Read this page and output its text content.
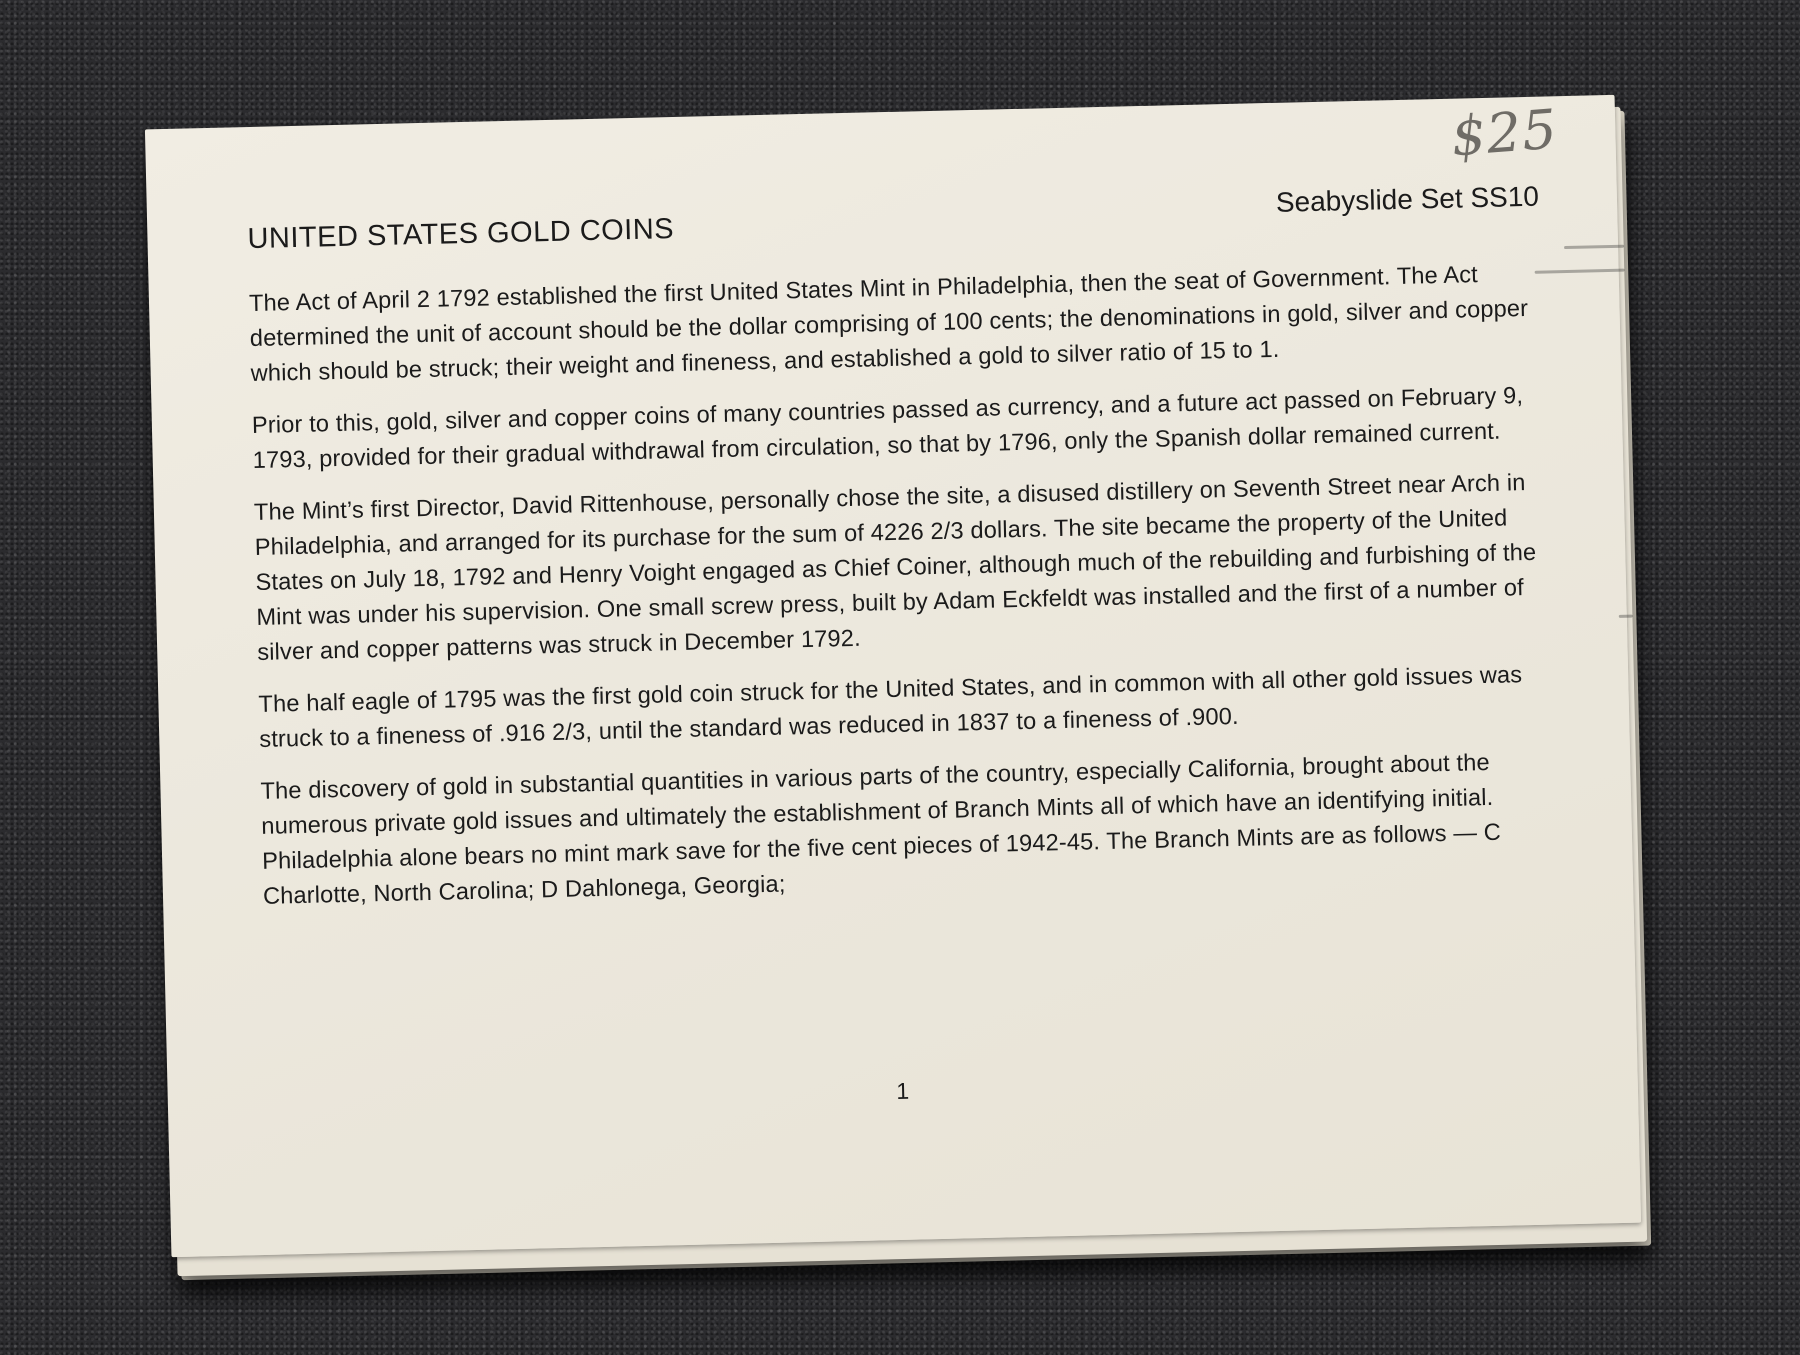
$25
UNITED STATES GOLD COINS

Seabyslide Set SS10

The Act of April 2 1792 established the first United States Mint in Philadelphia, then the seat of Government. The Act determined the unit of account should be the dollar comprising of 100 cents; the denominations in gold, silver and copper which should be struck; their weight and fineness, and established a gold to silver ratio of 15 to 1.

Prior to this, gold, silver and copper coins of many countries passed as currency, and a future act passed on February 9, 1793, provided for their gradual withdrawal from circulation, so that by 1796, only the Spanish dollar remained current.

The Mint’s first Director, David Rittenhouse, personally chose the site, a disused distillery on Seventh Street near Arch in Philadelphia, and arranged for its purchase for the sum of 4226 2/3 dollars. The site became the property of the United States on July 18, 1792 and Henry Voight engaged as Chief Coiner, although much of the rebuilding and furbishing of the Mint was under his supervision. One small screw press, built by Adam Eckfeldt was installed and the first of a number of silver and copper patterns was struck in December 1792.

The half eagle of 1795 was the first gold coin struck for the United States, and in common with all other gold issues was struck to a fineness of .916 2/3, until the standard was reduced in 1837 to a fineness of .900.

The discovery of gold in substantial quantities in various parts of the country, especially California, brought about the numerous private gold issues and ultimately the establishment of Branch Mints all of which have an identifying initial. Philadelphia alone bears no mint mark save for the five cent pieces of 1942-45. The Branch Mints are as follows — C Charlotte, North Carolina; D Dahlonega, Georgia;

1
